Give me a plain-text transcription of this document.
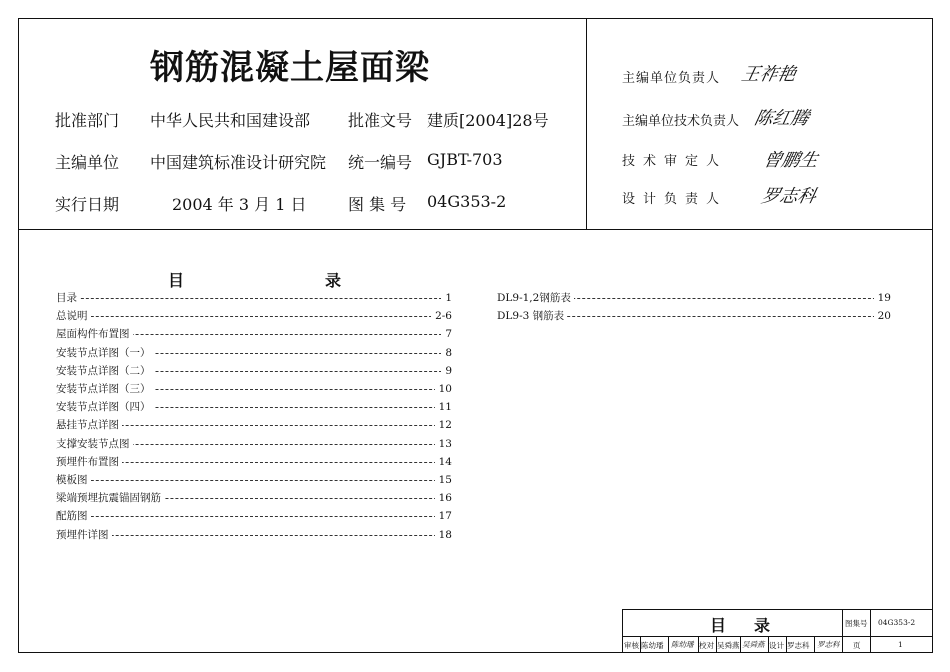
钢筋混凝土屋面梁
批准部门 中华人民共和国建设部 批准文号 建质[2004]28号
主编单位 中国建筑标准设计研究院 统一编号 GJBT-703
实行日期	2004 年 3 月 1 日	图 集 号 04G353-2
主编单位负责人 王祚艳
主编单位技术负责人 陈红腾
技术审定人 曾鹏生
设计负责人 罗志科
目	录
目录	1
总说明	2-6
屋面构件布置图	7
安装节点详图（一）	8
安装节点详图（二）	9
安装节点详图（三）	10
安装节点详图（四）	11
悬挂节点详图	12
支撑安装节点图	13
预埋件布置图	14
模板图	15
梁端预埋抗震锚固钢筋	16
配筋图	17
预埋件详图	18
DL9-1,2钢筋表	19
DL9-3 钢筋表	20
目 录	图集号 04G353-2
页	1
审核 陈幼璠 陈幼璠 校对 吴舜燕 吴舜燕 设计 罗志科 罗志科
